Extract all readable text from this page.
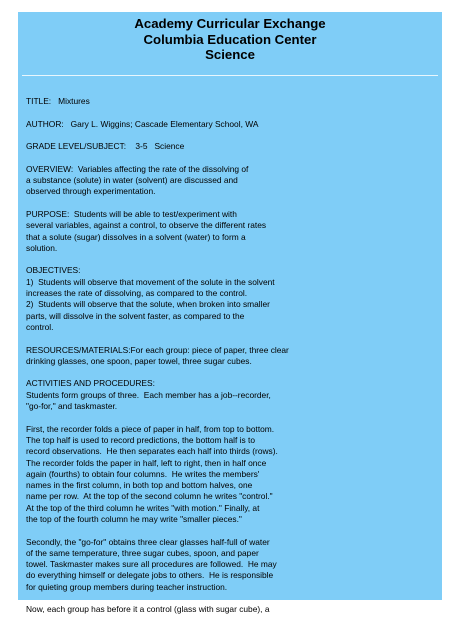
Academy Curricular Exchange
Columbia Education Center
Science
TITLE:   Mixtures
AUTHOR:   Gary L. Wiggins; Cascade Elementary School, WA
GRADE LEVEL/SUBJECT:    3-5   Science
OVERVIEW:  Variables affecting the rate of the dissolving of
a substance (solute) in water (solvent) are discussed and
observed through experimentation.
PURPOSE:  Students will be able to test/experiment with
several variables, against a control, to observe the different rates
that a solute (sugar) dissolves in a solvent (water) to form a
solution.
OBJECTIVES:
1)  Students will observe that movement of the solute in the solvent
increases the rate of dissolving, as compared to the control.
2)  Students will observe that the solute, when broken into smaller
parts, will dissolve in the solvent faster, as compared to the
control.
RESOURCES/MATERIALS:For each group: piece of paper, three clear
drinking glasses, one spoon, paper towel, three sugar cubes.
ACTIVITIES AND PROCEDURES:
Students form groups of three.  Each member has a job--recorder,
"go-for," and taskmaster.
First, the recorder folds a piece of paper in half, from top to bottom.
The top half is used to record predictions, the bottom half is to
record observations.  He then separates each half into thirds (rows).
The recorder folds the paper in half, left to right, then in half once
again (fourths) to obtain four columns.  He writes the members'
names in the first column, in both top and bottom halves, one
name per row.  At the top of the second column he writes "control."
At the top of the third column he writes "with motion." Finally, at
the top of the fourth column he may write "smaller pieces."
Secondly, the "go-for" obtains three clear glasses half-full of water
of the same temperature, three sugar cubes, spoon, and paper
towel. Taskmaster makes sure all procedures are followed.  He may
do everything himself or delegate jobs to others.  He is responsible
for quieting group members during teacher instruction.
Now, each group has before it a control (glass with sugar cube), a
